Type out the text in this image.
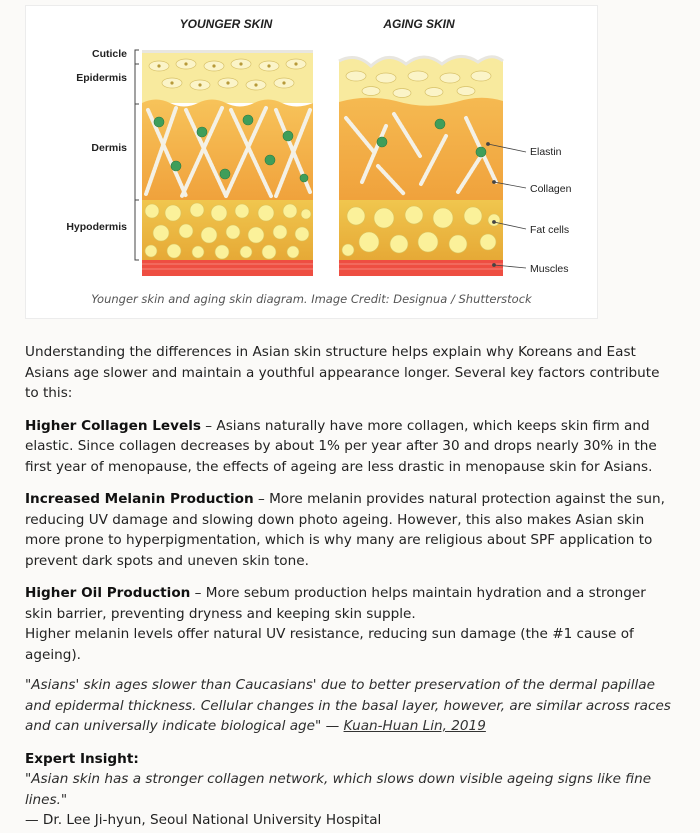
YOUNGER SKIN	AGING SKIN
Cuticle
Epidermis
Dermis
Hypodermis
Elastin
Collagen
Fat cells
Muscles
Younger skin and aging skin diagram. Image Credit: Designua / Shutterstock

Understanding the differences in Asian skin structure helps explain why Koreans and East Asians age slower and maintain a youthful appearance longer. Several key factors contribute to this:

Higher Collagen Levels – Asians naturally have more collagen, which keeps skin firm and elastic. Since collagen decreases by about 1% per year after 30 and drops nearly 30% in the first year of menopause, the effects of ageing are less drastic in menopause skin for Asians.

Increased Melanin Production – More melanin provides natural protection against the sun, reducing UV damage and slowing down photo ageing. However, this also makes Asian skin more prone to hyperpigmentation, which is why many are religious about SPF application to prevent dark spots and uneven skin tone.

Higher Oil Production – More sebum production helps maintain hydration and a stronger skin barrier, preventing dryness and keeping skin supple.
Higher melanin levels offer natural UV resistance, reducing sun damage (the #1 cause of ageing).

"Asians' skin ages slower than Caucasians' due to better preservation of the dermal papillae and epidermal thickness. Cellular changes in the basal layer, however, are similar across races and can universally indicate biological age" — Kuan-Huan Lin, 2019

Expert Insight:
"Asian skin has a stronger collagen network, which slows down visible ageing signs like fine lines."
— Dr. Lee Ji-hyun, Seoul National University Hospital
